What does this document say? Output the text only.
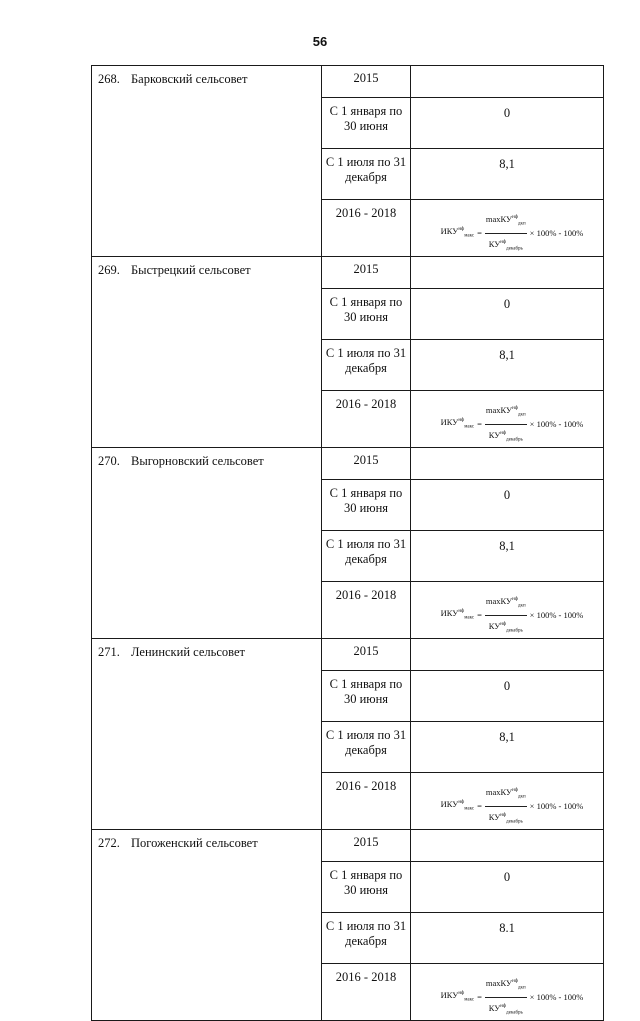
56
268. Барковский сельсовет	2015	
	С 1 января по 30 июня	0
	С 1 июля по 31 декабря	8,1
	2016 - 2018	$ИКУ^{нф}_{макс} = \frac{\max КУ^{нф}_{дкп}}{КУ^{нф}_{декабрь}} \times 100\% - 100\%$

269. Быстрецкий сельсовет	2015	
	С 1 января по 30 июня	0
	С 1 июля по 31 декабря	8,1
	2016 - 2018	$ИКУ^{нф}_{макс} = \frac{\max КУ^{нф}_{дкп}}{КУ^{нф}_{декабрь}} \times 100\% - 100\%$

270. Выгорновский сельсовет	2015	
	С 1 января по 30 июня	0
	С 1 июля по 31 декабря	8,1
	2016 - 2018	$ИКУ^{нф}_{макс} = \frac{\max КУ^{нф}_{дкп}}{КУ^{нф}_{декабрь}} \times 100\% - 100\%$

271. Ленинский сельсовет	2015	
	С 1 января по 30 июня	0
	С 1 июля по 31 декабря	8,1
	2016 - 2018	$ИКУ^{нф}_{макс} = \frac{\max КУ^{нф}_{дкп}}{КУ^{нф}_{декабрь}} \times 100\% - 100\%$

272. Погоженский сельсовет	2015	
	С 1 января по 30 июня	0
	С 1 июля по 31 декабря	8.1
	2016 - 2018	$ИКУ^{нф}_{макс} = \frac{\max КУ^{нф}_{дкп}}{КУ^{нф}_{декабрь}} \times 100\% - 100\%$
